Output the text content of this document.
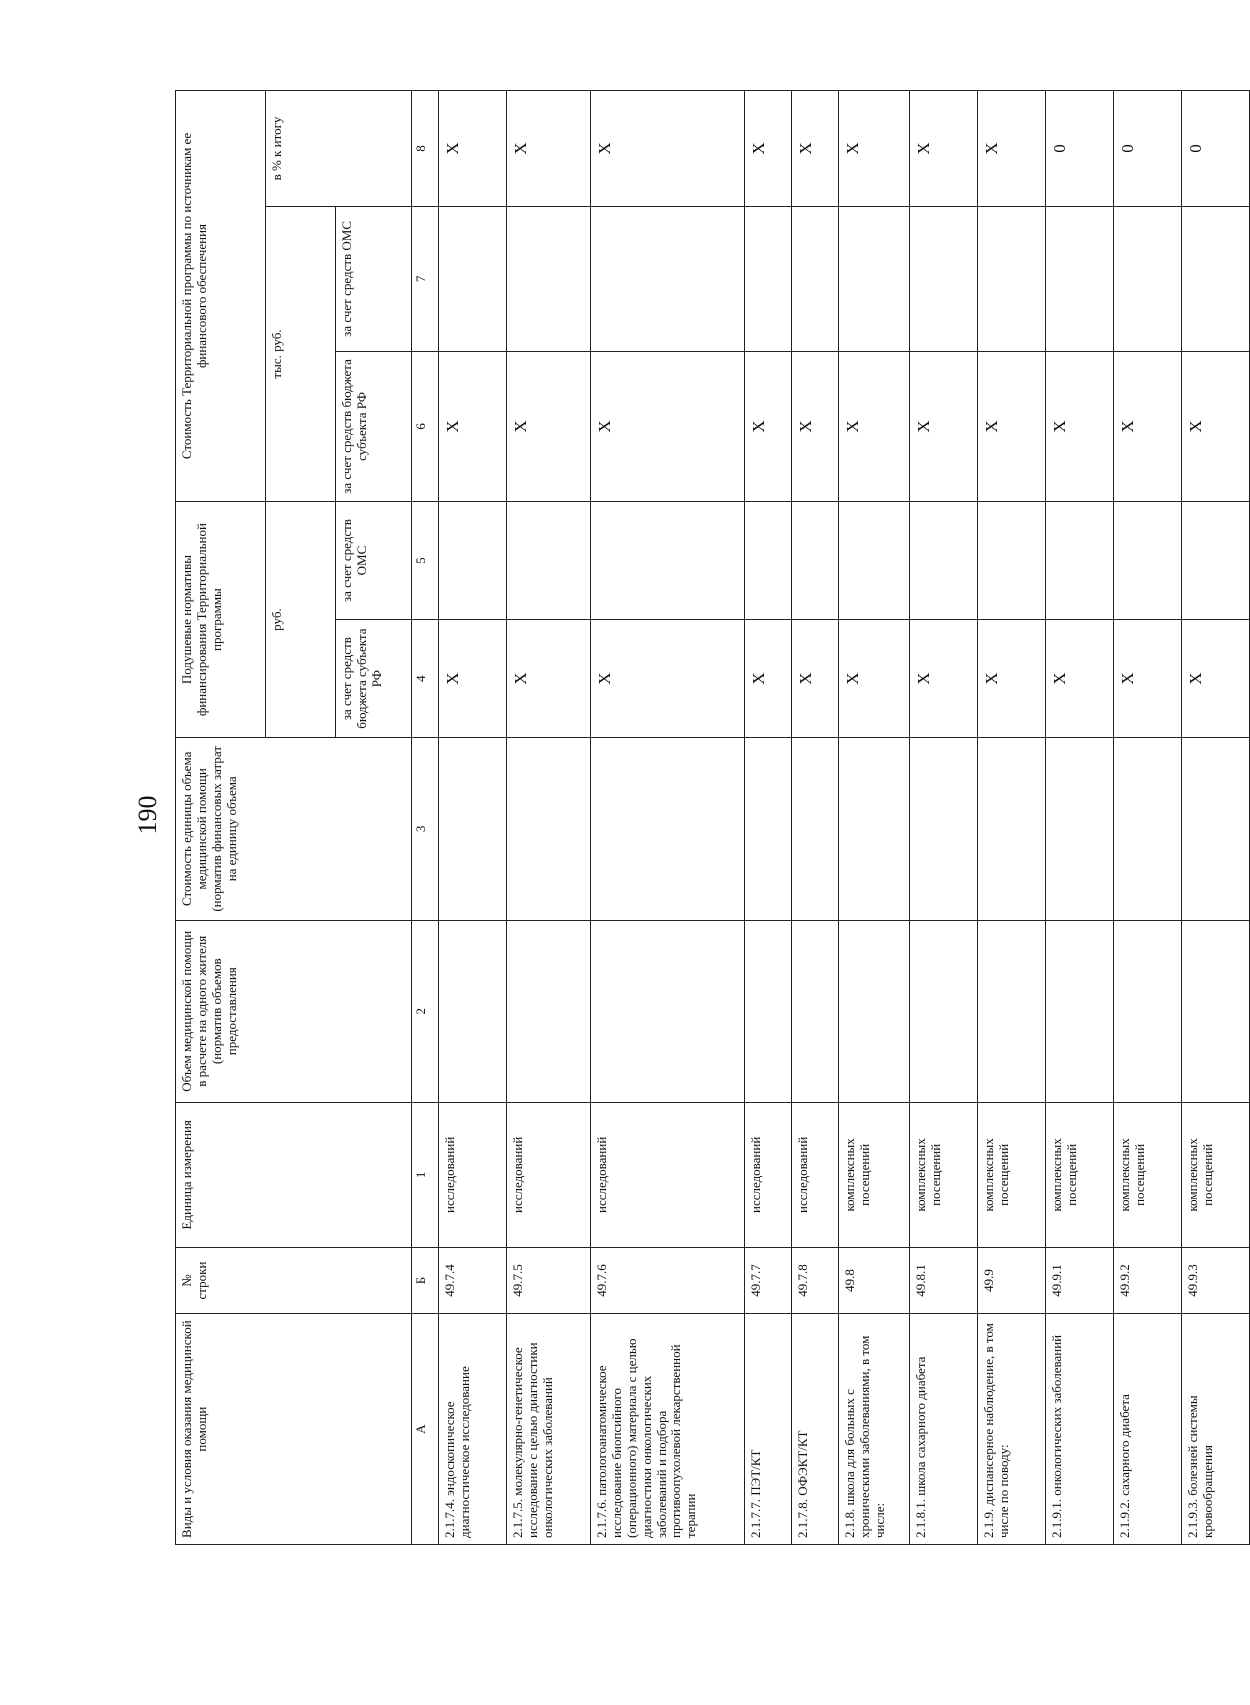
190
Виды и условия оказания медицинской помощи	№ строки	Единица измерения	Объем медицинской помощи в расчете на одного жителя (норматив объемов предоставления	Стоимость единицы объема медицинской помощи (норматив финансовых затрат на единицу объема	Подушевые нормативы финансирования Территориальной программы		Стоимость Территориальной программы по источникам ее финансового обеспечения		
					руб.		тыс. руб.		в % к итогу
					за счет средств бюджета субъекта РФ	за счет средств ОМС	за счет средств бюджета субъекта РФ	за счет средств ОМС	
А	Б	1	2	3	4	5	6	7	8
2.1.7.4. эндоскопическое диагностическое исследование	49.7.4	исследований			X		X		X
2.1.7.5. молекулярно-генетическое исследование с целью диагностики онкологических заболеваний	49.7.5	исследований			X		X		X
2.1.7.6. патологоанатомическое исследование биопсийного (операционного) материала с целью диагностики онкологических заболеваний и подбора противоопухолевой лекарственной терапии	49.7.6	исследований			X		X		X
2.1.7.7. ПЭТ/КТ	49.7.7	исследований			X		X		X
2.1.7.8. ОФЭКТ/КТ	49.7.8	исследований			X		X		X
2.1.8. школа для больных с хроническими заболеваниями, в том числе:	49.8	комплексных посещений			X		X		X
2.1.8.1. школа сахарного диабета	49.8.1	комплексных посещений			X		X		X
2.1.9. диспансерное наблюдение, в том числе по поводу:	49.9	комплексных посещений			X		X		X
2.1.9.1. онкологических заболеваний	49.9.1	комплексных посещений			X		X		0
2.1.9.2. сахарного диабета	49.9.2	комплексных посещений			X		X		0
2.1.9.3. болезней системы кровообращения	49.9.3	комплексных посещений			X		X		0
